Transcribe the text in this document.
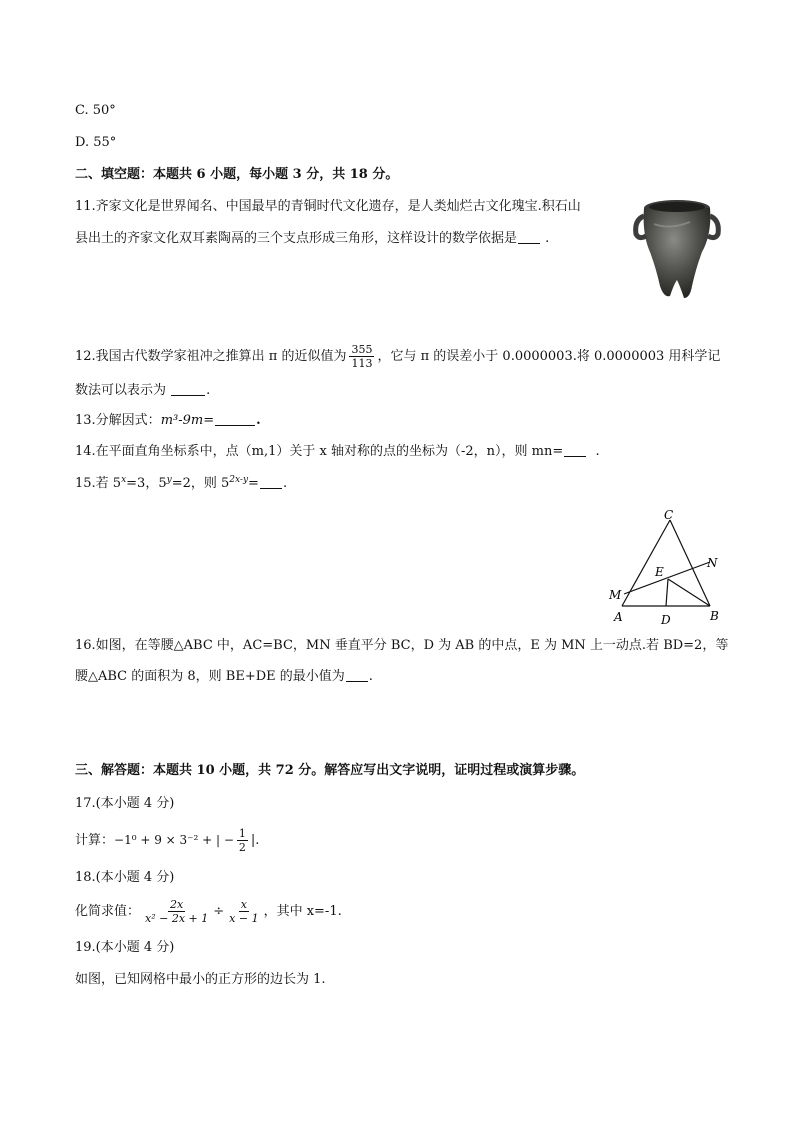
C. 50°
D. 55°
二、填空题：本题共 6 小题，每小题 3 分，共 18 分。
11.齐家文化是世界闻名、中国最早的青铜时代文化遗存，是人类灿烂古文化瑰宝.积石山
县出土的齐家文化双耳素陶鬲的三个支点形成三角形，这样设计的数学依据是 .
12.我国古代数学家祖冲之推算出 π 的近似值为 $\frac{355}{113}$ ，它与 π 的误差小于 0.0000003.将 0.0000003 用科学记
数法可以表示为	.
13.分解因式：m³-9m=	.
14.在平面直角坐标系中，点（m,1）关于 x 轴对称的点的坐标为（-2，n），则 mn= .
15.若 $5^x=3$，$5^y=2$，则 $5^{2x-y}=$ .
C
N
E
M
A	D	B
16.如图，在等腰△ABC 中，AC=BC，MN 垂直平分 BC，D 为 AB 的中点，E 为 MN 上一动点.若 BD=2，等
腰△ABC 的面积为 8，则 BE+DE 的最小值为 .
三、解答题：本题共 10 小题，共 72 分。解答应写出文字说明，证明过程或演算步骤。
17.(本小题 4 分)
计算：−1⁰ + 9 × 3⁻² + | − $\frac{1}{2}$ |.
18.(本小题 4 分)
化简求值： $\frac{2x}{\text{x² − 2x + 1}} \div \frac{x}{x - 1}$ ，其中 x=-1.
19.(本小题 4 分)
如图，已知网格中最小的正方形的边长为 1.
